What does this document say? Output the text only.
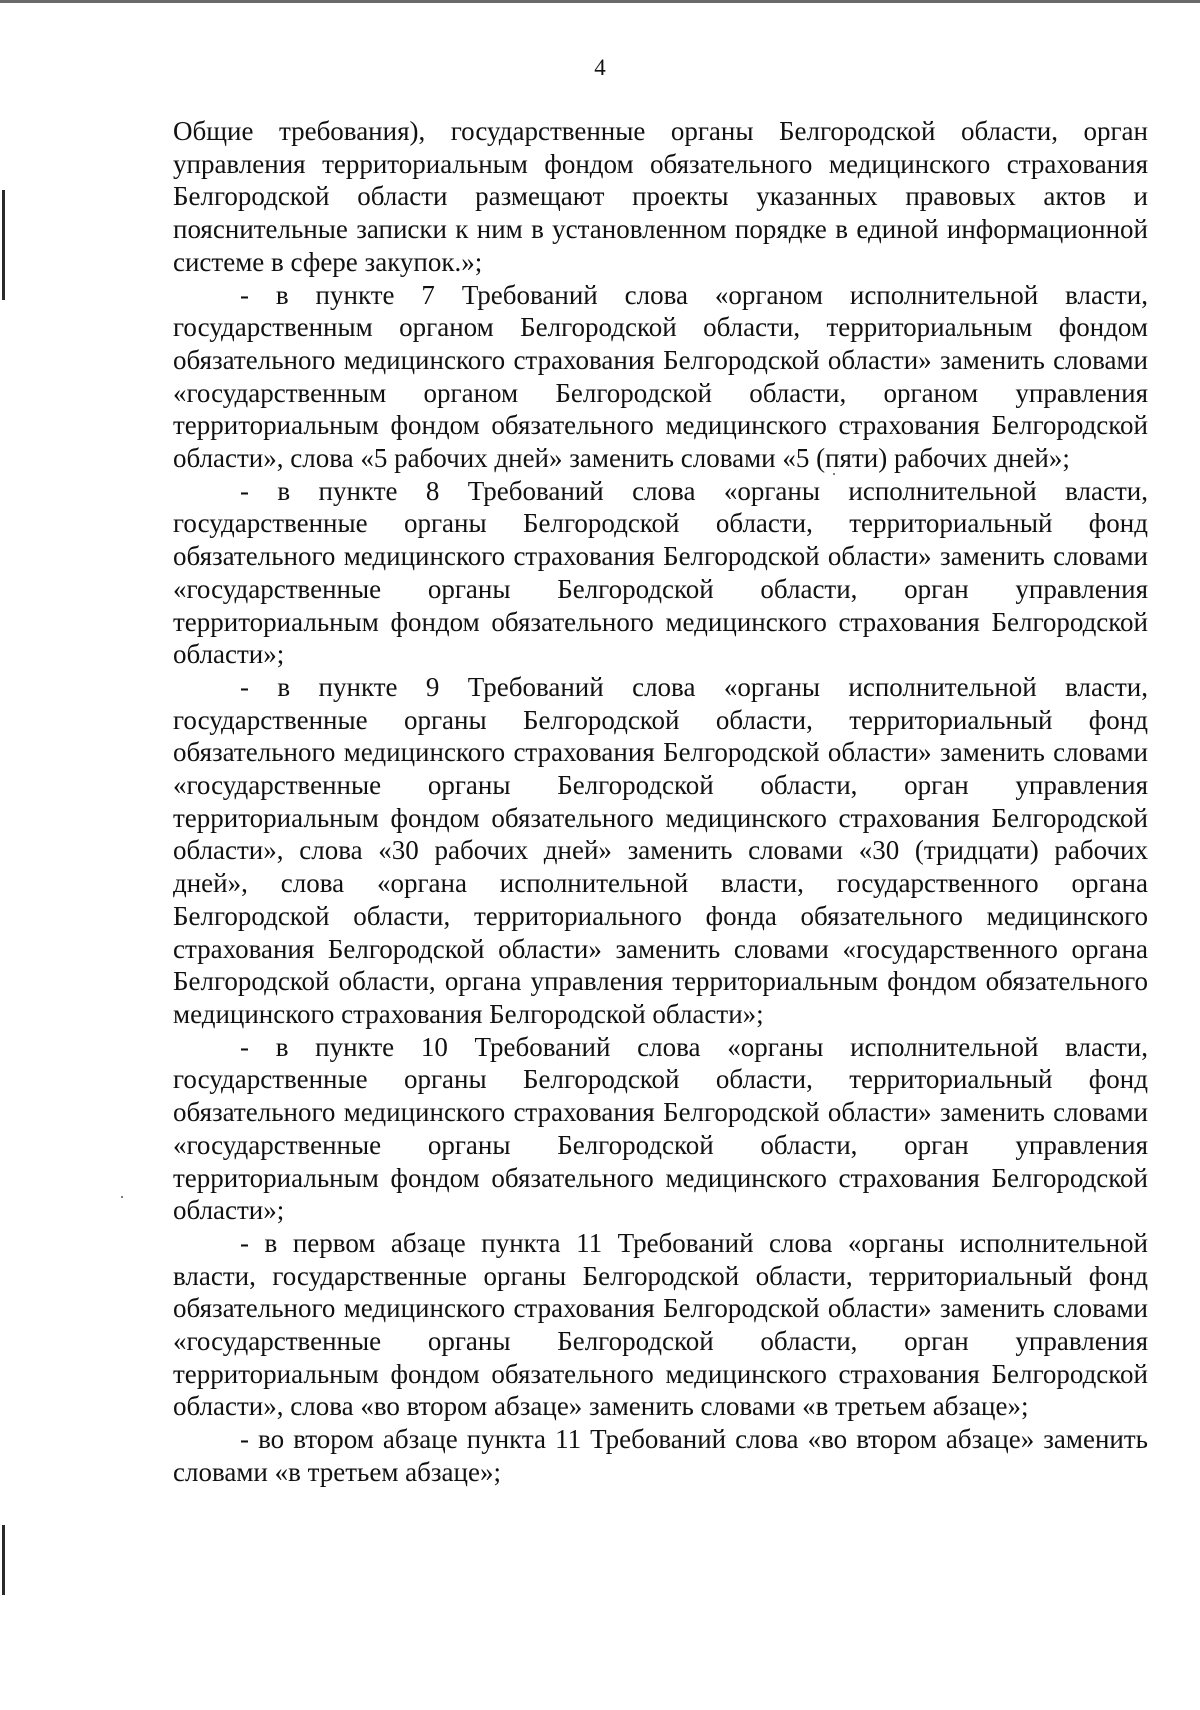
4

Общие требования), государственные органы Белгородской области, орган управления территориальным фондом обязательного медицинского страхования Белгородской области размещают проекты указанных правовых актов и пояснительные записки к ним в установленном порядке в единой информационной системе в сфере закупок.»;

- в пункте 7 Требований слова «органом исполнительной власти, государственным органом Белгородской области, территориальным фондом обязательного медицинского страхования Белгородской области» заменить словами «государственным органом Белгородской области, органом управления территориальным фондом обязательного медицинского страхования Белгородской области», слова «5 рабочих дней» заменить словами «5 (пяти) рабочих дней»;

- в пункте 8 Требований слова «органы исполнительной власти, государственные органы Белгородской области, территориальный фонд обязательного медицинского страхования Белгородской области» заменить словами «государственные органы Белгородской области, орган управления территориальным фондом обязательного медицинского страхования Белгородской области»;

- в пункте 9 Требований слова «органы исполнительной власти, государственные органы Белгородской области, территориальный фонд обязательного медицинского страхования Белгородской области» заменить словами «государственные органы Белгородской области, орган управления территориальным фондом обязательного медицинского страхования Белгородской области», слова «30 рабочих дней» заменить словами «30 (тридцати) рабочих дней», слова «органа исполнительной власти, государственного органа Белгородской области, территориального фонда обязательного медицинского страхования Белгородской области» заменить словами «государственного органа Белгородской области, органа управления территориальным фондом обязательного медицинского страхования Белгородской области»;

- в пункте 10 Требований слова «органы исполнительной власти, государственные органы Белгородской области, территориальный фонд обязательного медицинского страхования Белгородской области» заменить словами «государственные органы Белгородской области, орган управления территориальным фондом обязательного медицинского страхования Белгородской области»;

- в первом абзаце пункта 11 Требований слова «органы исполнительной власти, государственные органы Белгородской области, территориальный фонд обязательного медицинского страхования Белгородской области» заменить словами «государственные органы Белгородской области, орган управления территориальным фондом обязательного медицинского страхования Белгородской области», слова «во втором абзаце» заменить словами «в третьем абзаце»;

- во втором абзаце пункта 11 Требований слова «во втором абзаце» заменить словами «в третьем абзаце»;
